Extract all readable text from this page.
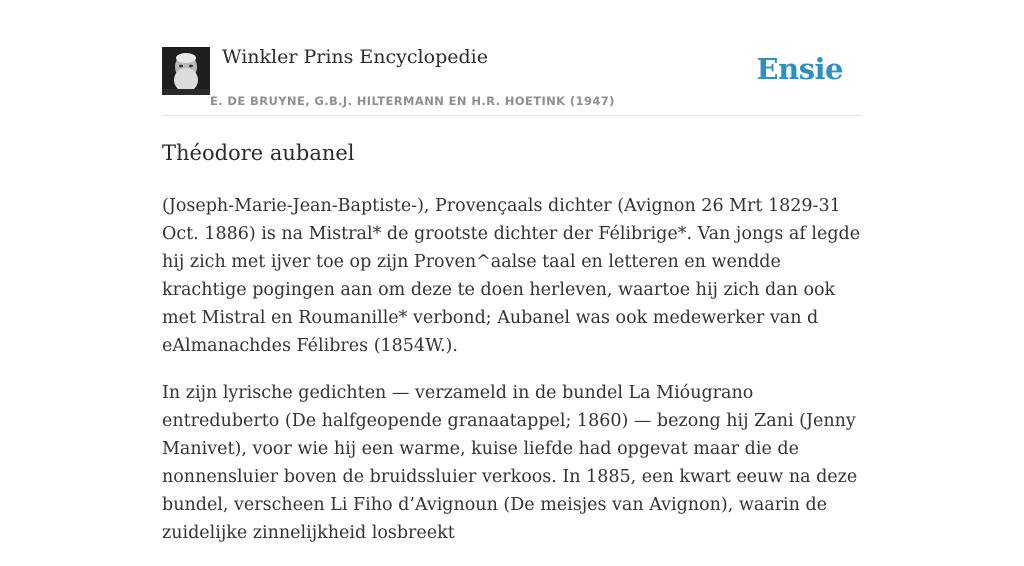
Winkler Prins Encyclopedie
E. DE BRUYNE, G.B.J. HILTERMANN EN H.R. HOETINK (1947)
Ensie
Théodore aubanel

(Joseph-Marie-Jean-Baptiste-), Provençaals dichter (Avignon 26 Mrt 1829-31 Oct. 1886) is na Mistral* de grootste dichter der Félibrige*. Van jongs af legde hij zich met ijver toe op zijn Proven^aalse taal en letteren en wendde krachtige pogingen aan om deze te doen herleven, waartoe hij zich dan ook met Mistral en Roumanille* verbond; Aubanel was ook medewerker van d eAlmanachdes Félibres (1854W.).

In zijn lyrische gedichten — verzameld in de bundel La Mióugrano entreduberto (De halfgeopende granaatappel; 1860) — bezong hij Zani (Jenny Manivet), voor wie hij een warme, kuise liefde had opgevat maar die de nonnensluier boven de bruidssluier verkoos. In 1885, een kwart eeuw na deze bundel, verscheen Li Fiho d’Avignoun (De meisjes van Avignon), waarin de zuidelijke zinnelijkheid losbreekt
